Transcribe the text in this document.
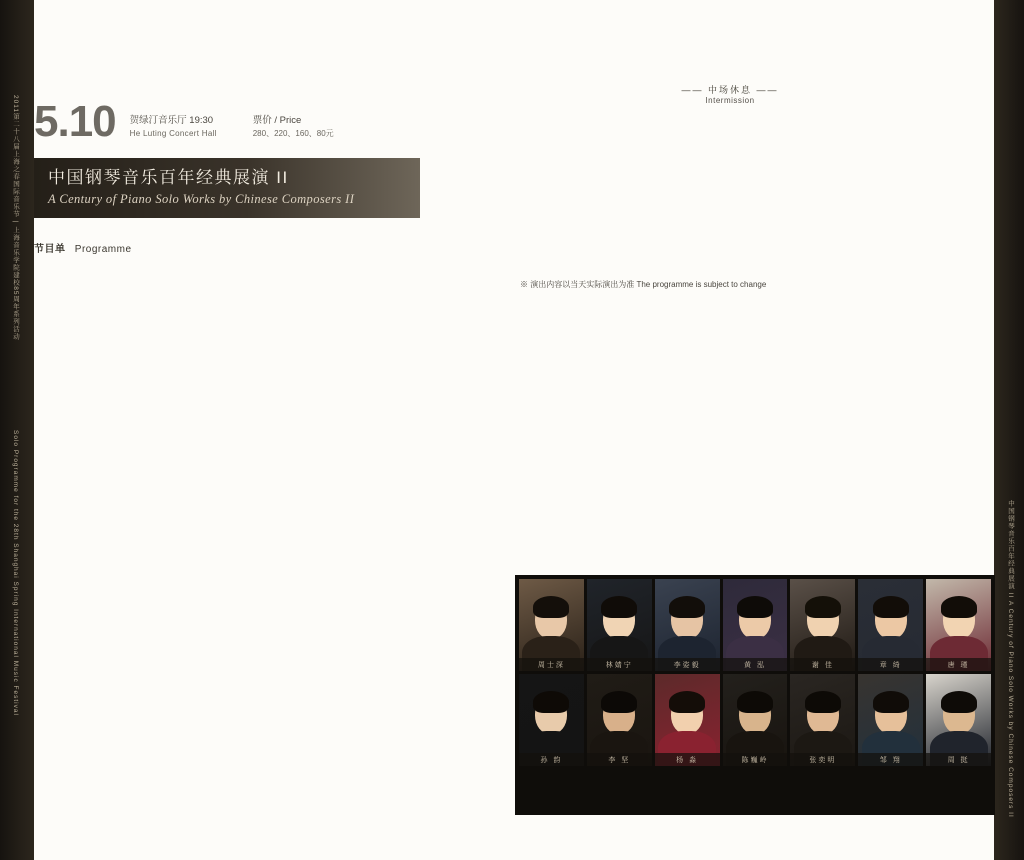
2011第二十八届上海之春国际音乐节 | 上海音乐学院建校85周年系列活动
Solo Programme for the 28th Shanghai Spring International Music Festival	中国钢琴音乐百年经典展演 II A Century of Piano Solo Works by Chinese Composers II
5.10 贺绿汀音乐厅 19:30
He Luting Concert Hall
票价 / Price
280、220、160、80元
中国钢琴音乐百年经典展演 II
A Century of Piano Solo Works by Chinese Composers II
节目单 Programme

—— 中场休息 ——
Intermission

※ 演出内容以当天实际演出为准 The programme is subject to change
周士深	林婧宁	李姿毅	黄 泓	谢 佳	章 绮	唐 瑾
孙 韵	李 坚	杨 淼	陈巍岭	张奕明	邹 翔	周 挺
